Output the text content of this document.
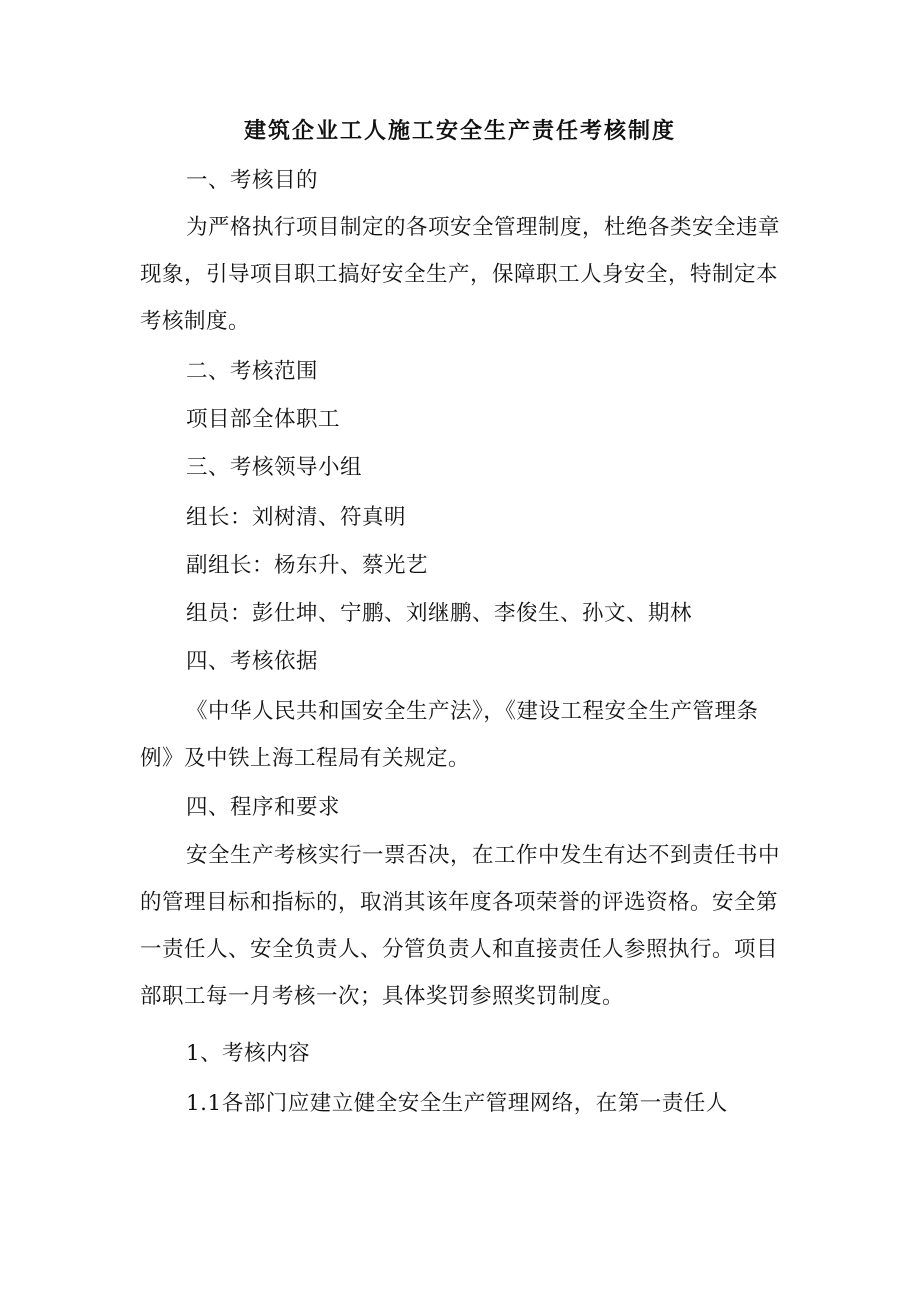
建筑企业工人施工安全生产责任考核制度

一、考核目的

为严格执行项目制定的各项安全管理制度，杜绝各类安全违章现象，引导项目职工搞好安全生产，保障职工人身安全，特制定本考核制度。

二、考核范围

项目部全体职工

三、考核领导小组

组长：刘树清、符真明

副组长：杨东升、蔡光艺

组员：彭仕坤、宁鹏、刘继鹏、李俊生、孙文、期林

四、考核依据

《中华人民共和国安全生产法》，《建设工程安全生产管理条例》及中铁上海工程局有关规定。

四、程序和要求

安全生产考核实行一票否决，在工作中发生有达不到责任书中的管理目标和指标的，取消其该年度各项荣誉的评选资格。安全第一责任人、安全负责人、分管负责人和直接责任人参照执行。项目部职工每一月考核一次；具体奖罚参照奖罚制度。

1、考核内容

1.1各部门应建立健全安全生产管理网络，在第一责任人
